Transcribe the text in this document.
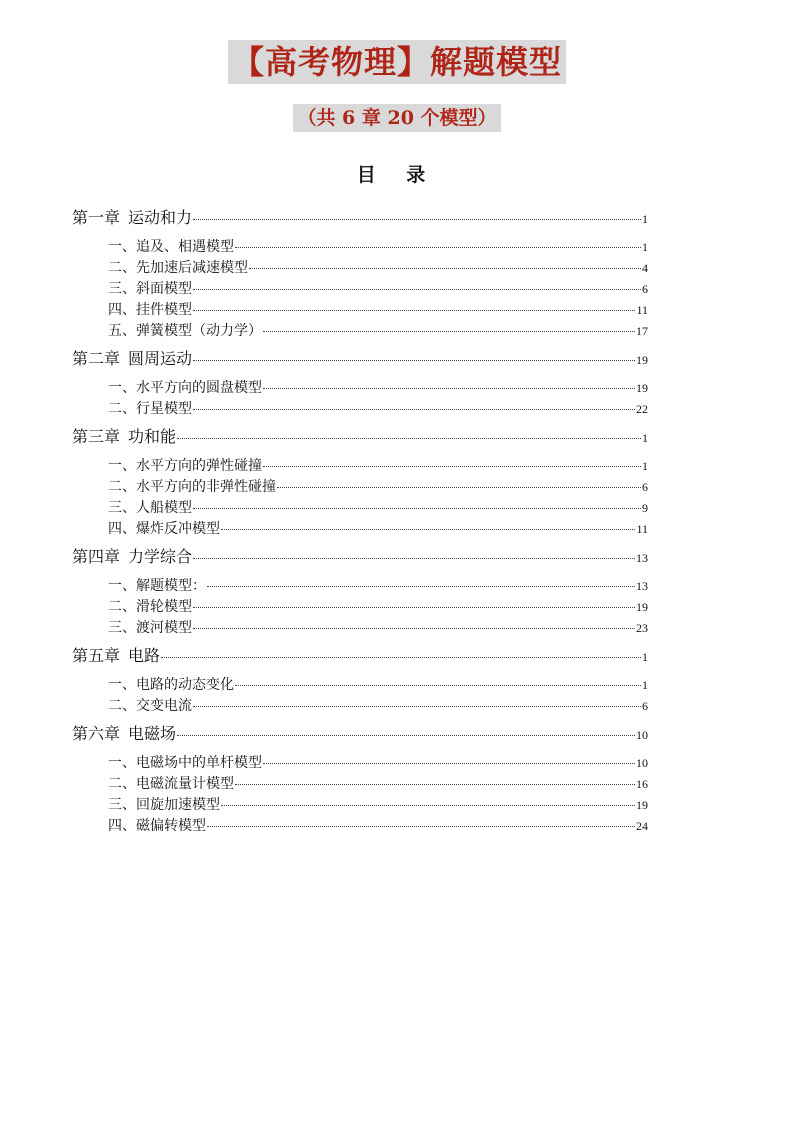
【高考物理】解题模型
（共 6 章 20 个模型）
目 录
第一章 运动和力	1
一、追及、相遇模型	1
二、先加速后减速模型	4
三、斜面模型	6
四、挂件模型	11
五、弹簧模型（动力学）	17
第二章 圆周运动	19
一、水平方向的圆盘模型	19
二、行星模型	22
第三章 功和能	1
一、水平方向的弹性碰撞	1
二、水平方向的非弹性碰撞	6
三、人船模型	9
四、爆炸反冲模型	11
第四章 力学综合	13
一、解题模型：	13
二、滑轮模型	19
三、渡河模型	23
第五章 电路	1
一、电路的动态变化	1
二、交变电流	6
第六章 电磁场	10
一、电磁场中的单杆模型	10
二、电磁流量计模型	16
三、回旋加速模型	19
四、磁偏转模型	24
